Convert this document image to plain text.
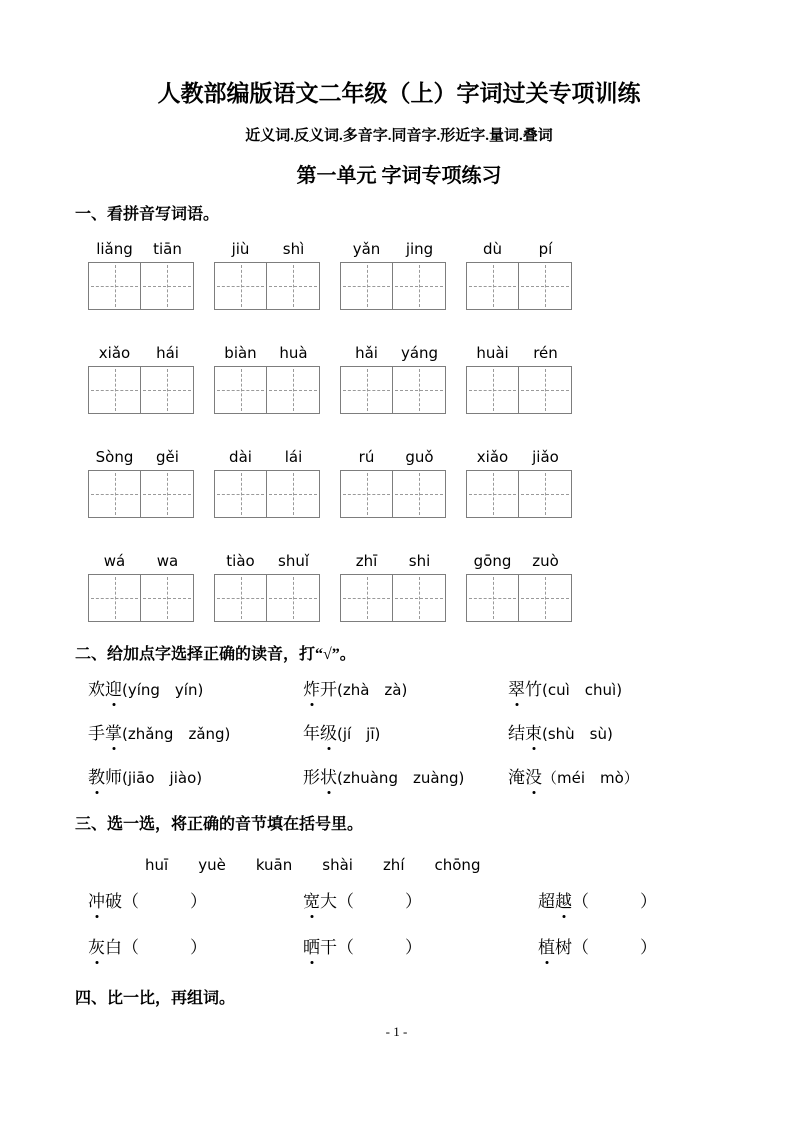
人教部编版语文二年级（上）字词过关专项训练
近义词.反义词.多音字.同音字.形近字.量词.叠词
第一单元 字词专项练习
一、看拼音写词语。
liǎng	tiān	jiù	shì	yǎn	jing	dù	pí
xiǎo	hái	biàn	huà	hǎi	yáng	huài	rén
Sòng	gěi	dài	lái	rú	guǒ	xiǎo	jiǎo
wá	wa	tiào	shuǐ	zhī	shi	gōng	zuò
二、给加点字选择正确的读音，打“√”。
欢迎(yíng　yín)	炸开(zhà　zà)	翠竹(cuì　chuì)
手掌(zhǎng　zǎng)	年级(jí　jī)	结束(shù　sù)
教师(jiāo　jiào)	形状(zhuàng　zuàng)	淹没（méi　mò）
三、选一选，将正确的音节填在括号里。
huī yuè kuān shài zhí chōng
冲破（　　　）	宽大（　　　）	超越（　　　）
灰白（　　　）	晒干（　　　）	植树（　　　）
四、比一比，再组词。
- 1 -
